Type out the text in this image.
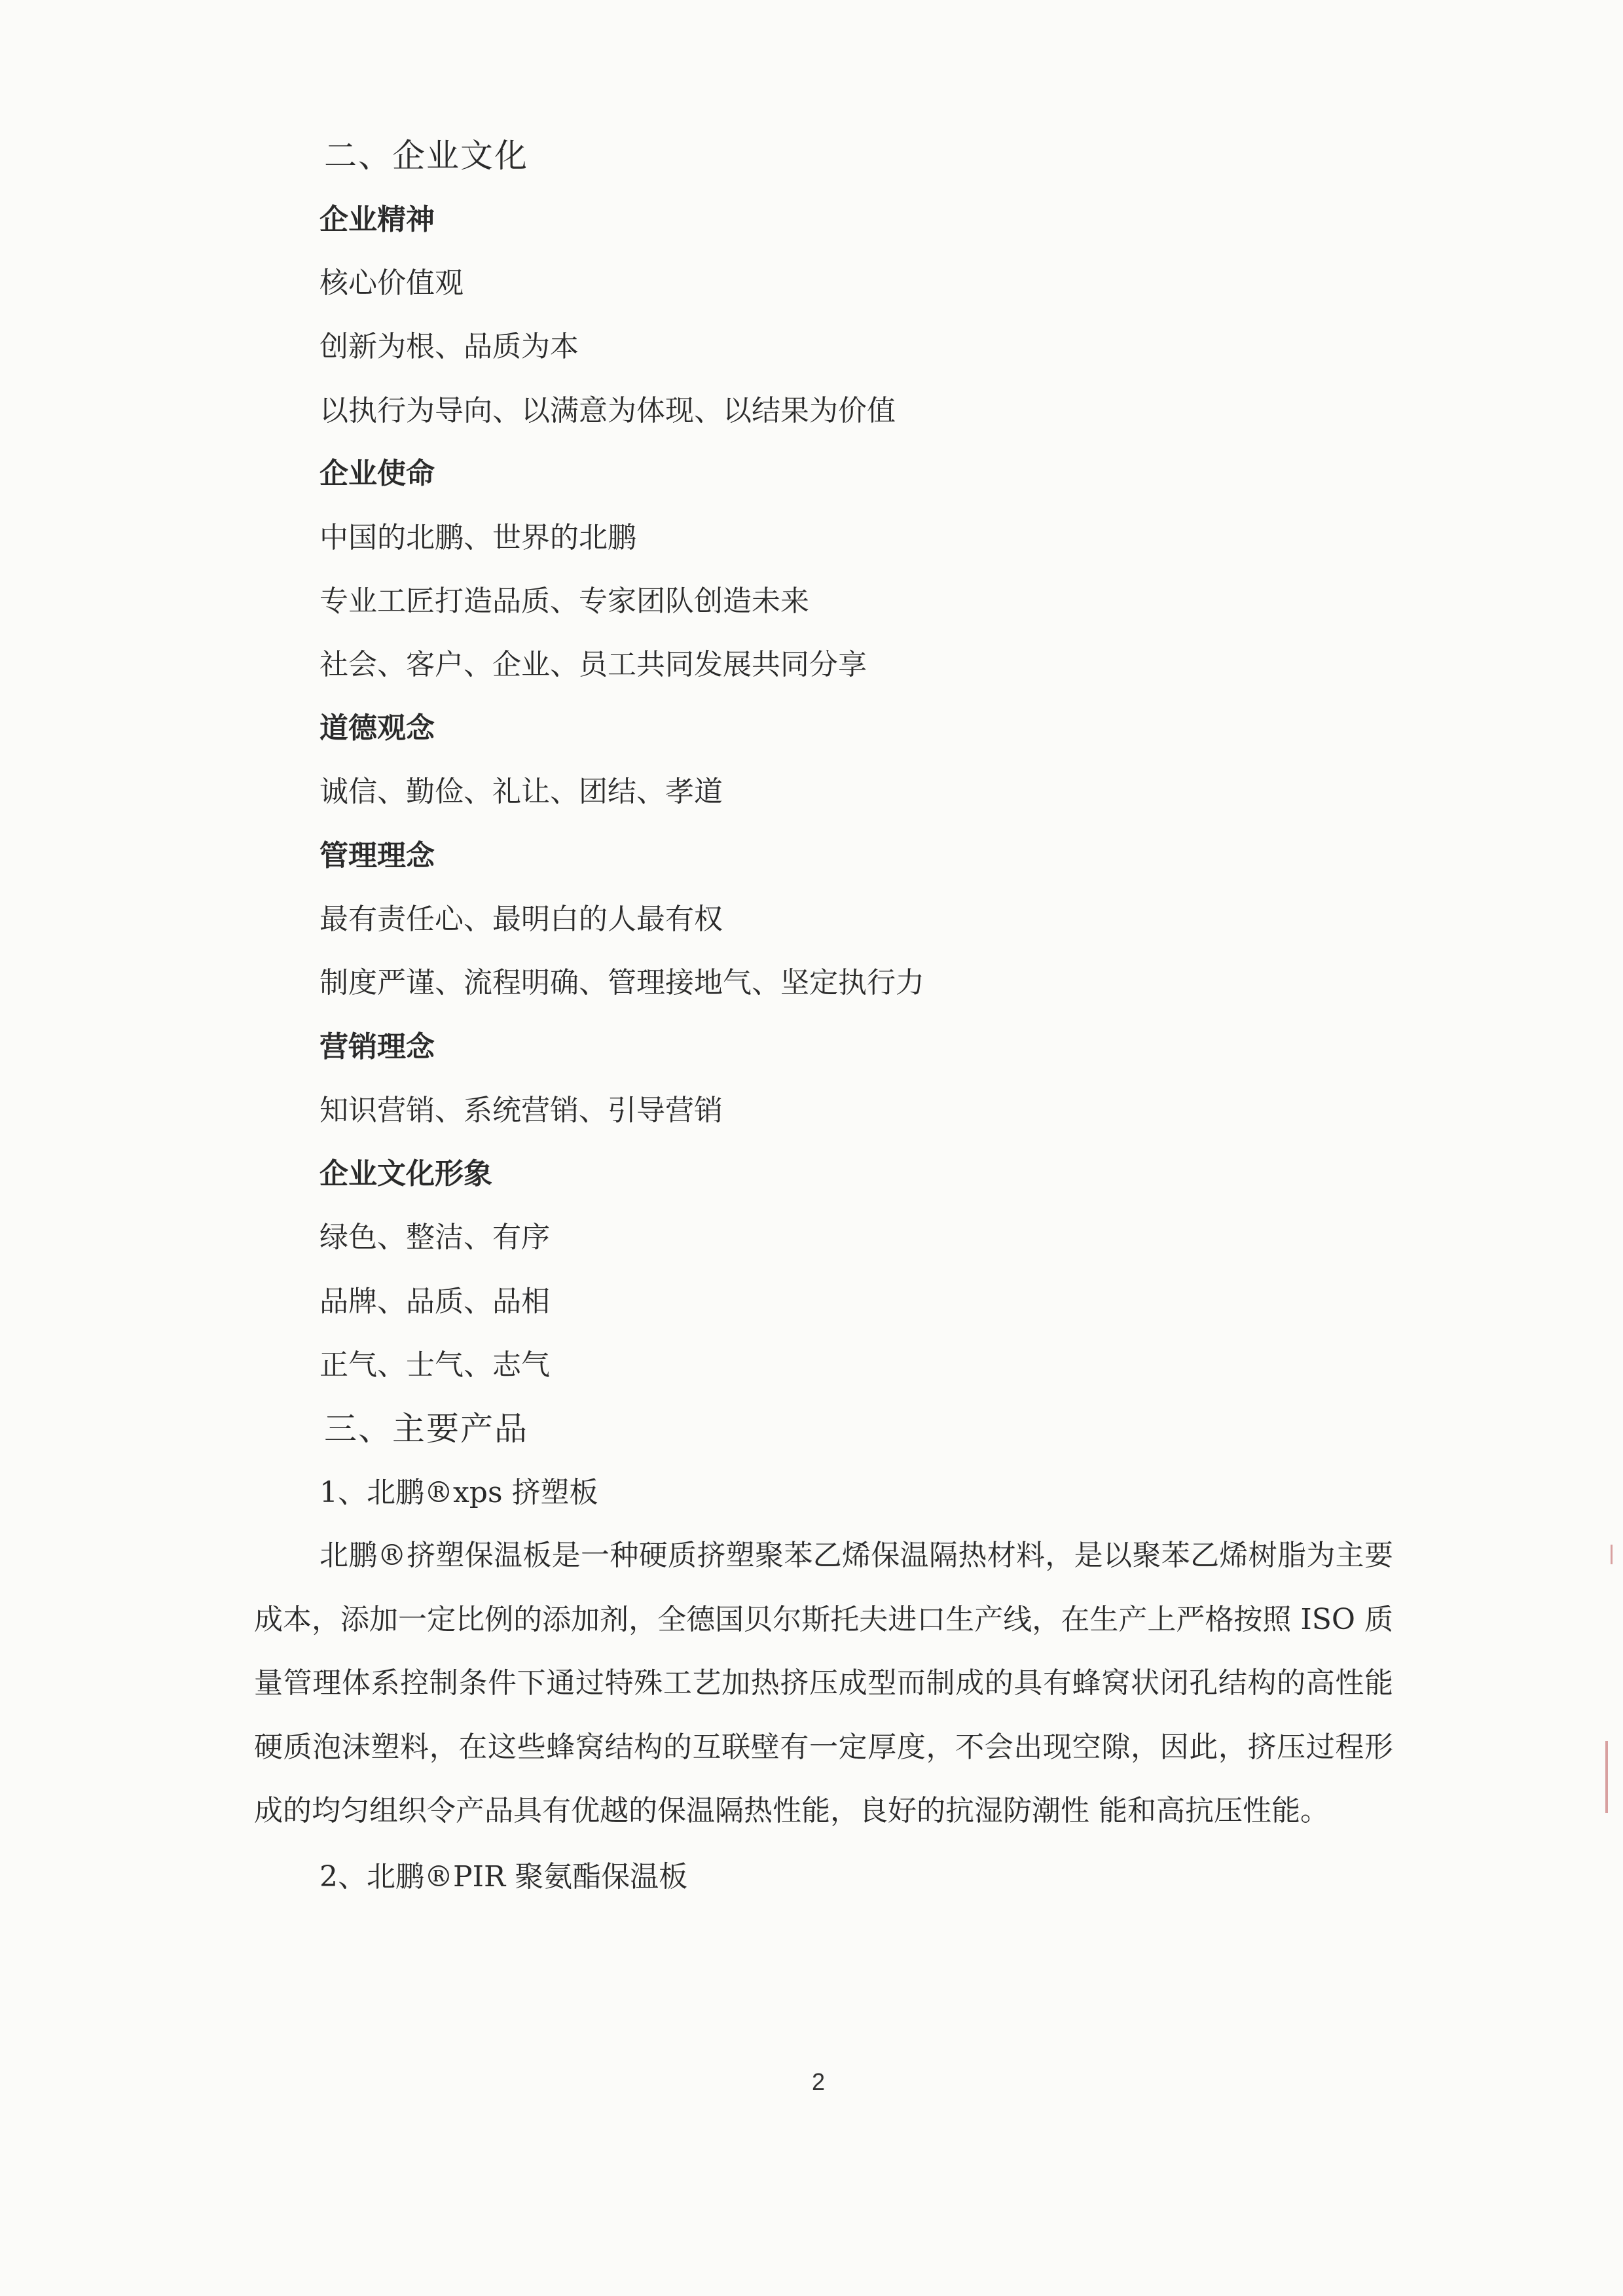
二、企业文化
企业精神
核心价值观
创新为根、品质为本
以执行为导向、以满意为体现、以结果为价值
企业使命
中国的北鹏、世界的北鹏
专业工匠打造品质、专家团队创造未来
社会、客户、企业、员工共同发展共同分享
道德观念
诚信、勤俭、礼让、团结、孝道
管理理念
最有责任心、最明白的人最有权
制度严谨、流程明确、管理接地气、坚定执行力
营销理念
知识营销、系统营销、引导营销
企业文化形象
绿色、整洁、有序
品牌、品质、品相
正气、士气、志气
三、主要产品
1、北鹏®xps 挤塑板
北鹏®挤塑保温板是一种硬质挤塑聚苯乙烯保温隔热材料，是以聚苯乙烯树脂为主要成本，添加一定比例的添加剂，全德国贝尔斯托夫进口生产线，在生产上严格按照 ISO 质量管理体系控制条件下通过特殊工艺加热挤压成型而制成的具有蜂窝状闭孔结构的高性能硬质泡沫塑料，在这些蜂窝结构的互联壁有一定厚度，不会出现空隙，因此，挤压过程形成的均匀组织令产品具有优越的保温隔热性能，良好的抗湿防潮性 能和高抗压性能。
2、北鹏®PIR 聚氨酯保温板
2
